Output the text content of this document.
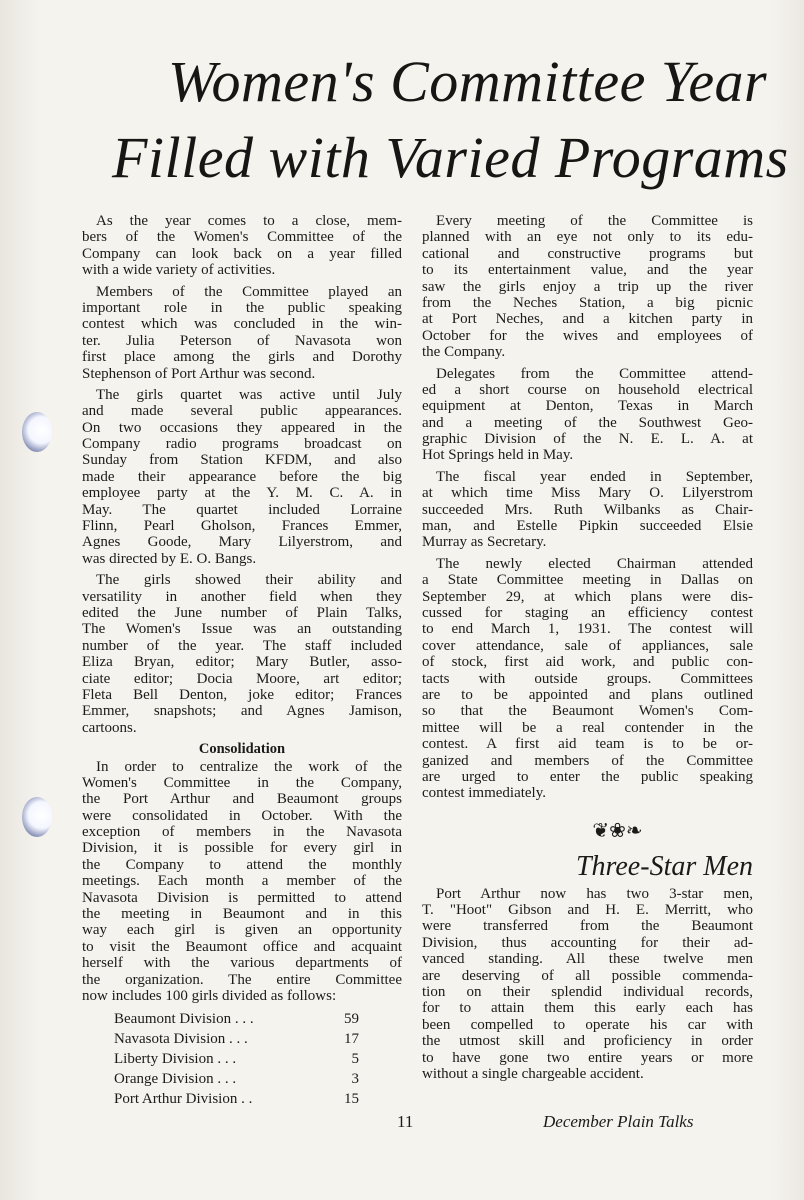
Women's Committee Year
Filled with Varied Programs
As the year comes to a close, mem-
bers of the Women's Committee of the
Company can look back on a year filled
with a wide variety of activities.
Members of the Committee played an
important role in the public speaking
contest which was concluded in the win-
ter. Julia Peterson of Navasota won
first place among the girls and Dorothy
Stephenson of Port Arthur was second.
The girls quartet was active until July
and made several public appearances.
On two occasions they appeared in the
Company radio programs broadcast on
Sunday from Station KFDM, and also
made their appearance before the big
employee party at the Y. M. C. A. in
May. The quartet included Lorraine
Flinn, Pearl Gholson, Frances Emmer,
Agnes Goode, Mary Lilyerstrom, and
was directed by E. O. Bangs.
The girls showed their ability and
versatility in another field when they
edited the June number of Plain Talks,
The Women's Issue was an outstanding
number of the year. The staff included
Eliza Bryan, editor; Mary Butler, asso-
ciate editor; Docia Moore, art editor;
Fleta Bell Denton, joke editor; Frances
Emmer, snapshots; and Agnes Jamison,
cartoons.
Consolidation
In order to centralize the work of the
Women's Committee in the Company,
the Port Arthur and Beaumont groups
were consolidated in October. With the
exception of members in the Navasota
Division, it is possible for every girl in
the Company to attend the monthly
meetings. Each month a member of the
Navasota Division is permitted to attend
the meeting in Beaumont and in this
way each girl is given an opportunity
to visit the Beaumont office and acquaint
herself with the various departments of
the organization. The entire Committee
now includes 100 girls divided as follows:
Beaumont Division . . .	59
Navasota Division . . .	17
Liberty Division . . .	5
Orange Division . . .	3
Port Arthur Division . .	15
Every meeting of the Committee is
planned with an eye not only to its edu-
cational and constructive programs but
to its entertainment value, and the year
saw the girls enjoy a trip up the river
from the Neches Station, a big picnic
at Port Neches, and a kitchen party in
October for the wives and employees of
the Company.
Delegates from the Committee attend-
ed a short course on household electrical
equipment at Denton, Texas in March
and a meeting of the Southwest Geo-
graphic Division of the N. E. L. A. at
Hot Springs held in May.
The fiscal year ended in September,
at which time Miss Mary O. Lilyerstrom
succeeded Mrs. Ruth Wilbanks as Chair-
man, and Estelle Pipkin succeeded Elsie
Murray as Secretary.
The newly elected Chairman attended
a State Committee meeting in Dallas on
September 29, at which plans were dis-
cussed for staging an efficiency contest
to end March 1, 1931. The contest will
cover attendance, sale of appliances, sale
of stock, first aid work, and public con-
tacts with outside groups. Committees
are to be appointed and plans outlined
so that the Beaumont Women's Com-
mittee will be a real contender in the
contest. A first aid team is to be or-
ganized and members of the Committee
are urged to enter the public speaking
contest immediately.
❦❀❧
Three-Star Men
Port Arthur now has two 3-star men,
T. "Hoot" Gibson and H. E. Merritt, who
were transferred from the Beaumont
Division, thus accounting for their ad-
vanced standing. All these twelve men
are deserving of all possible commenda-
tion on their splendid individual records,
for to attain them this early each has
been compelled to operate his car with
the utmost skill and proficiency in order
to have gone two entire years or more
without a single chargeable accident.
11	December Plain Talks
